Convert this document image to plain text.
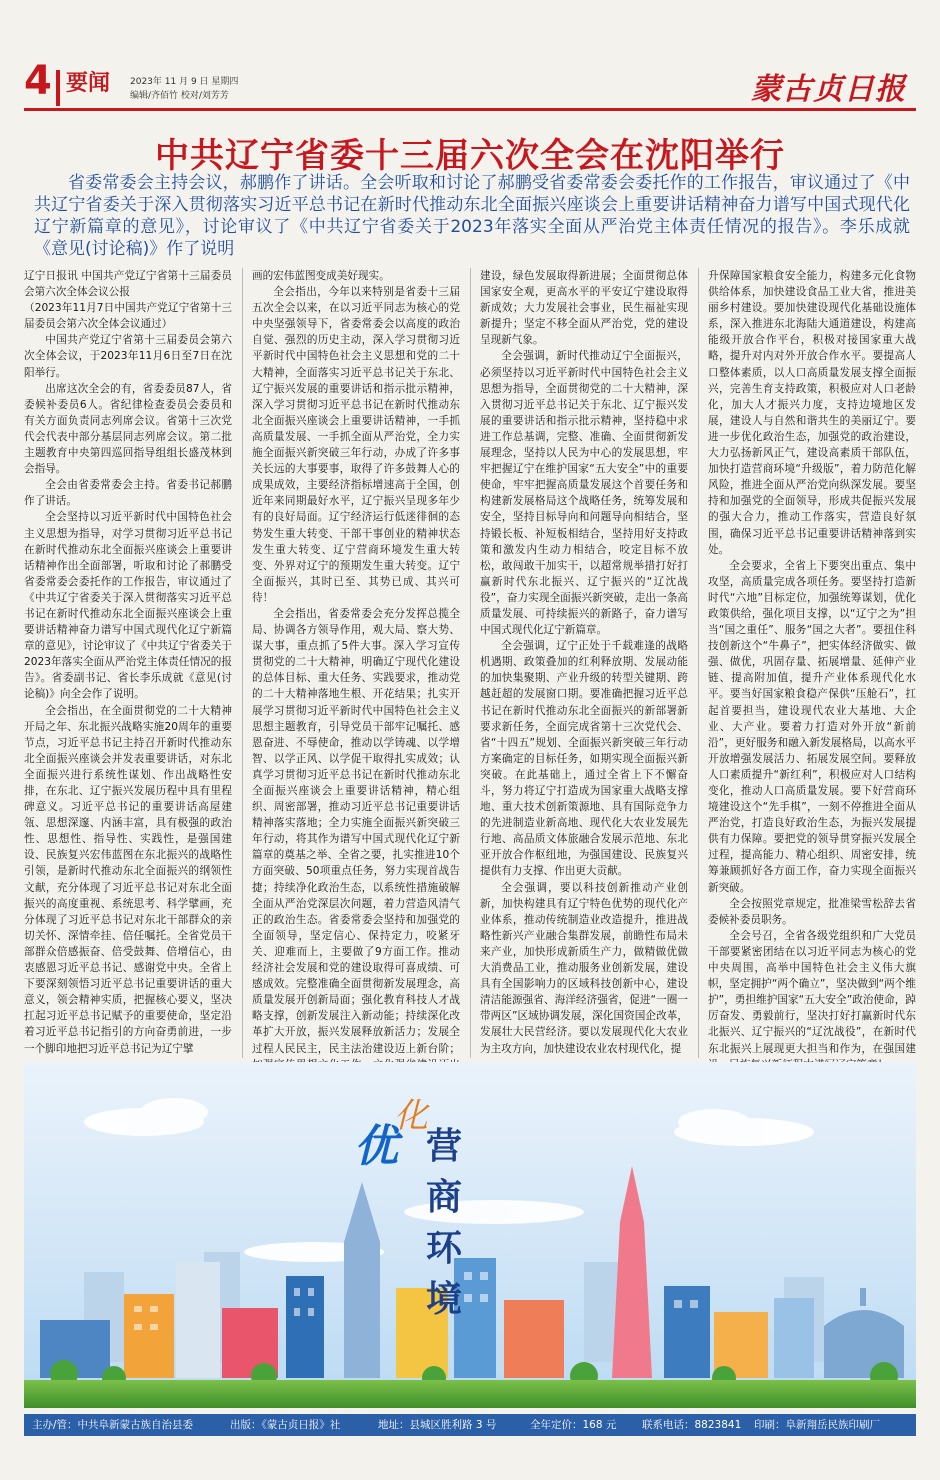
4 要闻 2023年 11 月 9 日 星期四
编辑/齐佰竹 校对/刘芳芳	蒙古贞日报
中共辽宁省委十三届六次全会在沈阳举行
省委常委会主持会议，郝鹏作了讲话。全会听取和讨论了郝鹏受省委常委会委托作的工作报告，审议通过了《中共辽宁省委关于深入贯彻落实习近平总书记在新时代推动东北全面振兴座谈会上重要讲话精神奋力谱写中国式现代化辽宁新篇章的意见》，讨论审议了《中共辽宁省委关于2023年落实全面从严治党主体责任情况的报告》。李乐成就《意见(讨论稿)》作了说明

辽宁日报讯 中国共产党辽宁省第十三届委员会第六次全体会议公报

（2023年11月7日中国共产党辽宁省第十三届委员会第六次全体会议通过）

中国共产党辽宁省第十三届委员会第六次全体会议，于2023年11月6日至7日在沈阳举行。

出席这次全会的有，省委委员87人，省委候补委员6人。省纪律检查委员会委员和有关方面负责同志列席会议。省第十三次党代会代表中部分基层同志列席会议。第二批主题教育中央第四巡回指导组组长盛茂林到会指导。

全会由省委常委会主持。省委书记郝鹏作了讲话。

全会坚持以习近平新时代中国特色社会主义思想为指导，对学习贯彻习近平总书记在新时代推动东北全面振兴座谈会上重要讲话精神作出全面部署，听取和讨论了郝鹏受省委常委会委托作的工作报告，审议通过了《中共辽宁省委关于深入贯彻落实习近平总书记在新时代推动东北全面振兴座谈会上重要讲话精神奋力谱写中国式现代化辽宁新篇章的意见》，讨论审议了《中共辽宁省委关于2023年落实全面从严治党主体责任情况的报告》。省委副书记、省长李乐成就《意见(讨论稿)》向全会作了说明。

全会指出，在全面贯彻党的二十大精神开局之年、东北振兴战略实施20周年的重要节点，习近平总书记主持召开新时代推动东北全面振兴座谈会并发表重要讲话，对东北全面振兴进行系统性谋划、作出战略性安排，在东北、辽宁振兴发展历程中具有里程碑意义。习近平总书记的重要讲话高屋建瓴、思想深邃、内涵丰富，具有极强的政治性、思想性、指导性、实践性，是强国建设、民族复兴宏伟蓝图在东北振兴的战略性引领，是新时代推动东北全面振兴的纲领性文献，充分体现了习近平总书记对东北全面振兴的高度重视、系统思考、科学擘画，充分体现了习近平总书记对东北干部群众的亲切关怀、深情牵挂、倍任嘱托。全省党员干部群众倍感振奋、倍受鼓舞、倍增信心，由衷感恩习近平总书记、感谢党中央。全省上下要深刻领悟习近平总书记重要讲话的重大意义，领会精神实质，把握核心要义，坚决扛起习近平总书记赋予的重要使命，坚定沿着习近平总书记指引的方向奋勇前进，一步一个脚印地把习近平总书记为辽宁擘

画的宏伟蓝图变成美好现实。

全会指出，今年以来特别是省委十三届五次全会以来，在以习近平同志为核心的党中央坚强领导下，省委常委会以高度的政治自觉、强烈的历史主动，深入学习贯彻习近平新时代中国特色社会主义思想和党的二十大精神，全面落实习近平总书记关于东北、辽宁振兴发展的重要讲话和指示批示精神，深入学习贯彻习近平总书记在新时代推动东北全面振兴座谈会上重要讲话精神，一手抓高质量发展、一手抓全面从严治党，全力实施全面振兴新突破三年行动，办成了许多事关长远的大事要事，取得了许多鼓舞人心的成果成效，主要经济指标增速高于全国，创近年来同期最好水平，辽宁振兴呈现多年少有的良好局面。辽宁经济运行低迷徘徊的态势发生重大转变、干部干事创业的精神状态发生重大转变、辽宁营商环境发生重大转变、外界对辽宁的预期发生重大转变。辽宁全面振兴，其时已至、其势已成、其兴可待！

全会指出，省委常委会充分发挥总揽全局、协调各方领导作用，观大局、察大势、谋大事，重点抓了5件大事。深入学习宣传贯彻党的二十大精神，明确辽宁现代化建设的总体目标、重大任务、实践要求，推动党的二十大精神落地生根、开花结果；扎实开展学习贯彻习近平新时代中国特色社会主义思想主题教育，引导党员干部牢记嘱托、感恩奋进、不辱使命，推动以学铸魂、以学增智、以学正风、以学促干取得扎实成效；认真学习贯彻习近平总书记在新时代推动东北全面振兴座谈会上重要讲话精神，精心组织、周密部署，推动习近平总书记重要讲话精神落实落地；全力实施全面振兴新突破三年行动，将其作为谱写中国式现代化辽宁新篇章的奠基之举、全省之要，扎实推进10个方面突破、50项重点任务，努力实现首战告捷；持续净化政治生态，以系统性措施破解全面从严治党深层次问题，着力营造风清气正的政治生态。省委常委会坚持和加强党的全面领导，坚定信心、保持定力，咬紧牙关、迎难而上，主要做了9方面工作。推动经济社会发展和党的建设取得可喜成绩、可感成效。完整准确全面贯彻新发展理念，高质量发展开创新局面；强化教育科技人才战略支撑，创新发展注入新动能；持续深化改革扩大开放，振兴发展释放新活力；发展全过程人民民主，民主法治建设迈上新台阶；

建设，绿色发展取得新进展；全面贯彻总体国家安全观，更高水平的平安辽宁建设取得新成效；大力发展社会事业，民生福祉实现新提升；坚定不移全面从严治党，党的建设呈现新气象。

全会强调，新时代推动辽宁全面振兴，必须坚持以习近平新时代中国特色社会主义思想为指导，全面贯彻党的二十大精神，深入贯彻习近平总书记关于东北、辽宁振兴发展的重要讲话和指示批示精神，坚持稳中求进工作总基调，完整、准确、全面贯彻新发展理念，坚持以人民为中心的发展思想，牢牢把握辽宁在维护国家“五大安全”中的重要使命，牢牢把握高质量发展这个首要任务和构建新发展格局这个战略任务，统筹发展和安全，坚持目标导向和问题导向相结合，坚持锻长板、补短板相结合，坚持用好支持政策和激发内生动力相结合，咬定目标不放松，敢闯敢干加实干，以超常规举措打好打赢新时代东北振兴、辽宁振兴的“辽沈战役”，奋力实现全面振兴新突破，走出一条高质量发展、可持续振兴的新路子，奋力谱写中国式现代化辽宁新篇章。

全会强调，辽宁正处于千载难逢的战略机遇期、政策叠加的红利释放期、发展动能的加快集聚期、产业升级的转型关键期、跨越赶超的发展窗口期。要准确把握习近平总书记在新时代推动东北全面振兴的新部署新要求新任务，全面完成省第十三次党代会、省“十四五”规划、全面振兴新突破三年行动方案确定的目标任务，如期实现全面振兴新突破。在此基础上，通过全省上下不懈奋斗，努力将辽宁打造成为国家重大战略支撑地、重大技术创新策源地、具有国际竞争力的先进制造业新高地、现代化大农业发展先行地、高品质文体旅融合发展示范地、东北亚开放合作枢纽地，为强国建设、民族复兴提供有力支撑、作出更大贡献。

全会强调，要以科技创新推动产业创新，加快构建具有辽宁特色优势的现代化产业体系，推动传统制造业改造提升，推进战略性新兴产业融合集群发展，前瞻性布局未来产业，加快形成新质生产力，做精做优做大消费品工业，推动服务业创新发展，建设具有全国影响力的区域科技创新中心，建设清洁能源强省、海洋经济强省，促进“一圈一带两区”区域协调发展，深化国资国企改革，发展壮大民营经济。要以发展现代化大农业为主攻方向，加快建设农业农村现代化，提

升保障国家粮食安全能力，构建多元化食物供给体系，加快建设食品工业大省，推进美丽乡村建设。要加快建设现代化基础设施体系，深入推进东北海陆大通道建设，构建高能级开放合作平台，积极对接国家重大战略，提升对内对外开放合作水平。要提高人口整体素质，以人口高质量发展支撑全面振兴，完善生育支持政策，积极应对人口老龄化，加大人才振兴力度，支持边境地区发展，建设人与自然和谐共生的美丽辽宁。要进一步优化政治生态，加强党的政治建设，大力弘扬新风正气，建设高素质干部队伍，加快打造营商环境“升级版”，着力防范化解风险，推进全面从严治党向纵深发展。要坚持和加强党的全面领导，形成共促振兴发展的强大合力，推动工作落实，营造良好氛围，确保习近平总书记重要讲话精神落到实处。

全会要求，全省上下要突出重点、集中攻坚，高质量完成各项任务。要坚持打造新时代“六地”目标定位，加强统筹谋划，优化政策供给，强化项目支撑，以“辽宁之为”担当“国之重任”、服务“国之大者”。要扭住科技创新这个“牛鼻子”，把实体经济做实、做强、做优，巩固存量、拓展增量、延伸产业链、提高附加值，提升产业体系现代化水平。要当好国家粮食稳产保供“压舱石”，扛起首要担当，建设现代农业大基地、大企业、大产业。要着力打造对外开放“新前沿”，更好服务和融入新发展格局，以高水平开放增强发展活力、拓展发展空间。要释放人口素质提升“新红利”，积极应对人口结构变化，推动人口高质量发展。要下好营商环境建设这个“先手棋”，一刻不停推进全面从严治党，打造良好政治生态，为振兴发展提供有力保障。要把党的领导贯穿振兴发展全过程，提高能力、精心组织、周密安排，统筹兼顾抓好各方面工作，奋力实现全面振兴新突破。

全会按照党章规定，批准梁雪松辞去省委候补委员职务。

全会号召，全省各级党组织和广大党员干部要紧密团结在以习近平同志为核心的党中央周围，高举中国特色社会主义伟大旗帜，坚定拥护“两个确立”，坚决做到“两个维护”，勇担维护国家“五大安全”政治使命，踔厉奋发、勇毅前行，坚决打好打赢新时代东北振兴、辽宁振兴的“辽沈战役”，在新时代东北振兴上展现更大担当和作为，在强国建

优
化
营商环境
主办/管：中共阜新蒙古族自治县委	出版：《蒙古贞日报》社	地址：县城区胜利路 3 号	全年定价：168 元 联系电话：8823841 印刷：阜新翔岳民族印刷厂
